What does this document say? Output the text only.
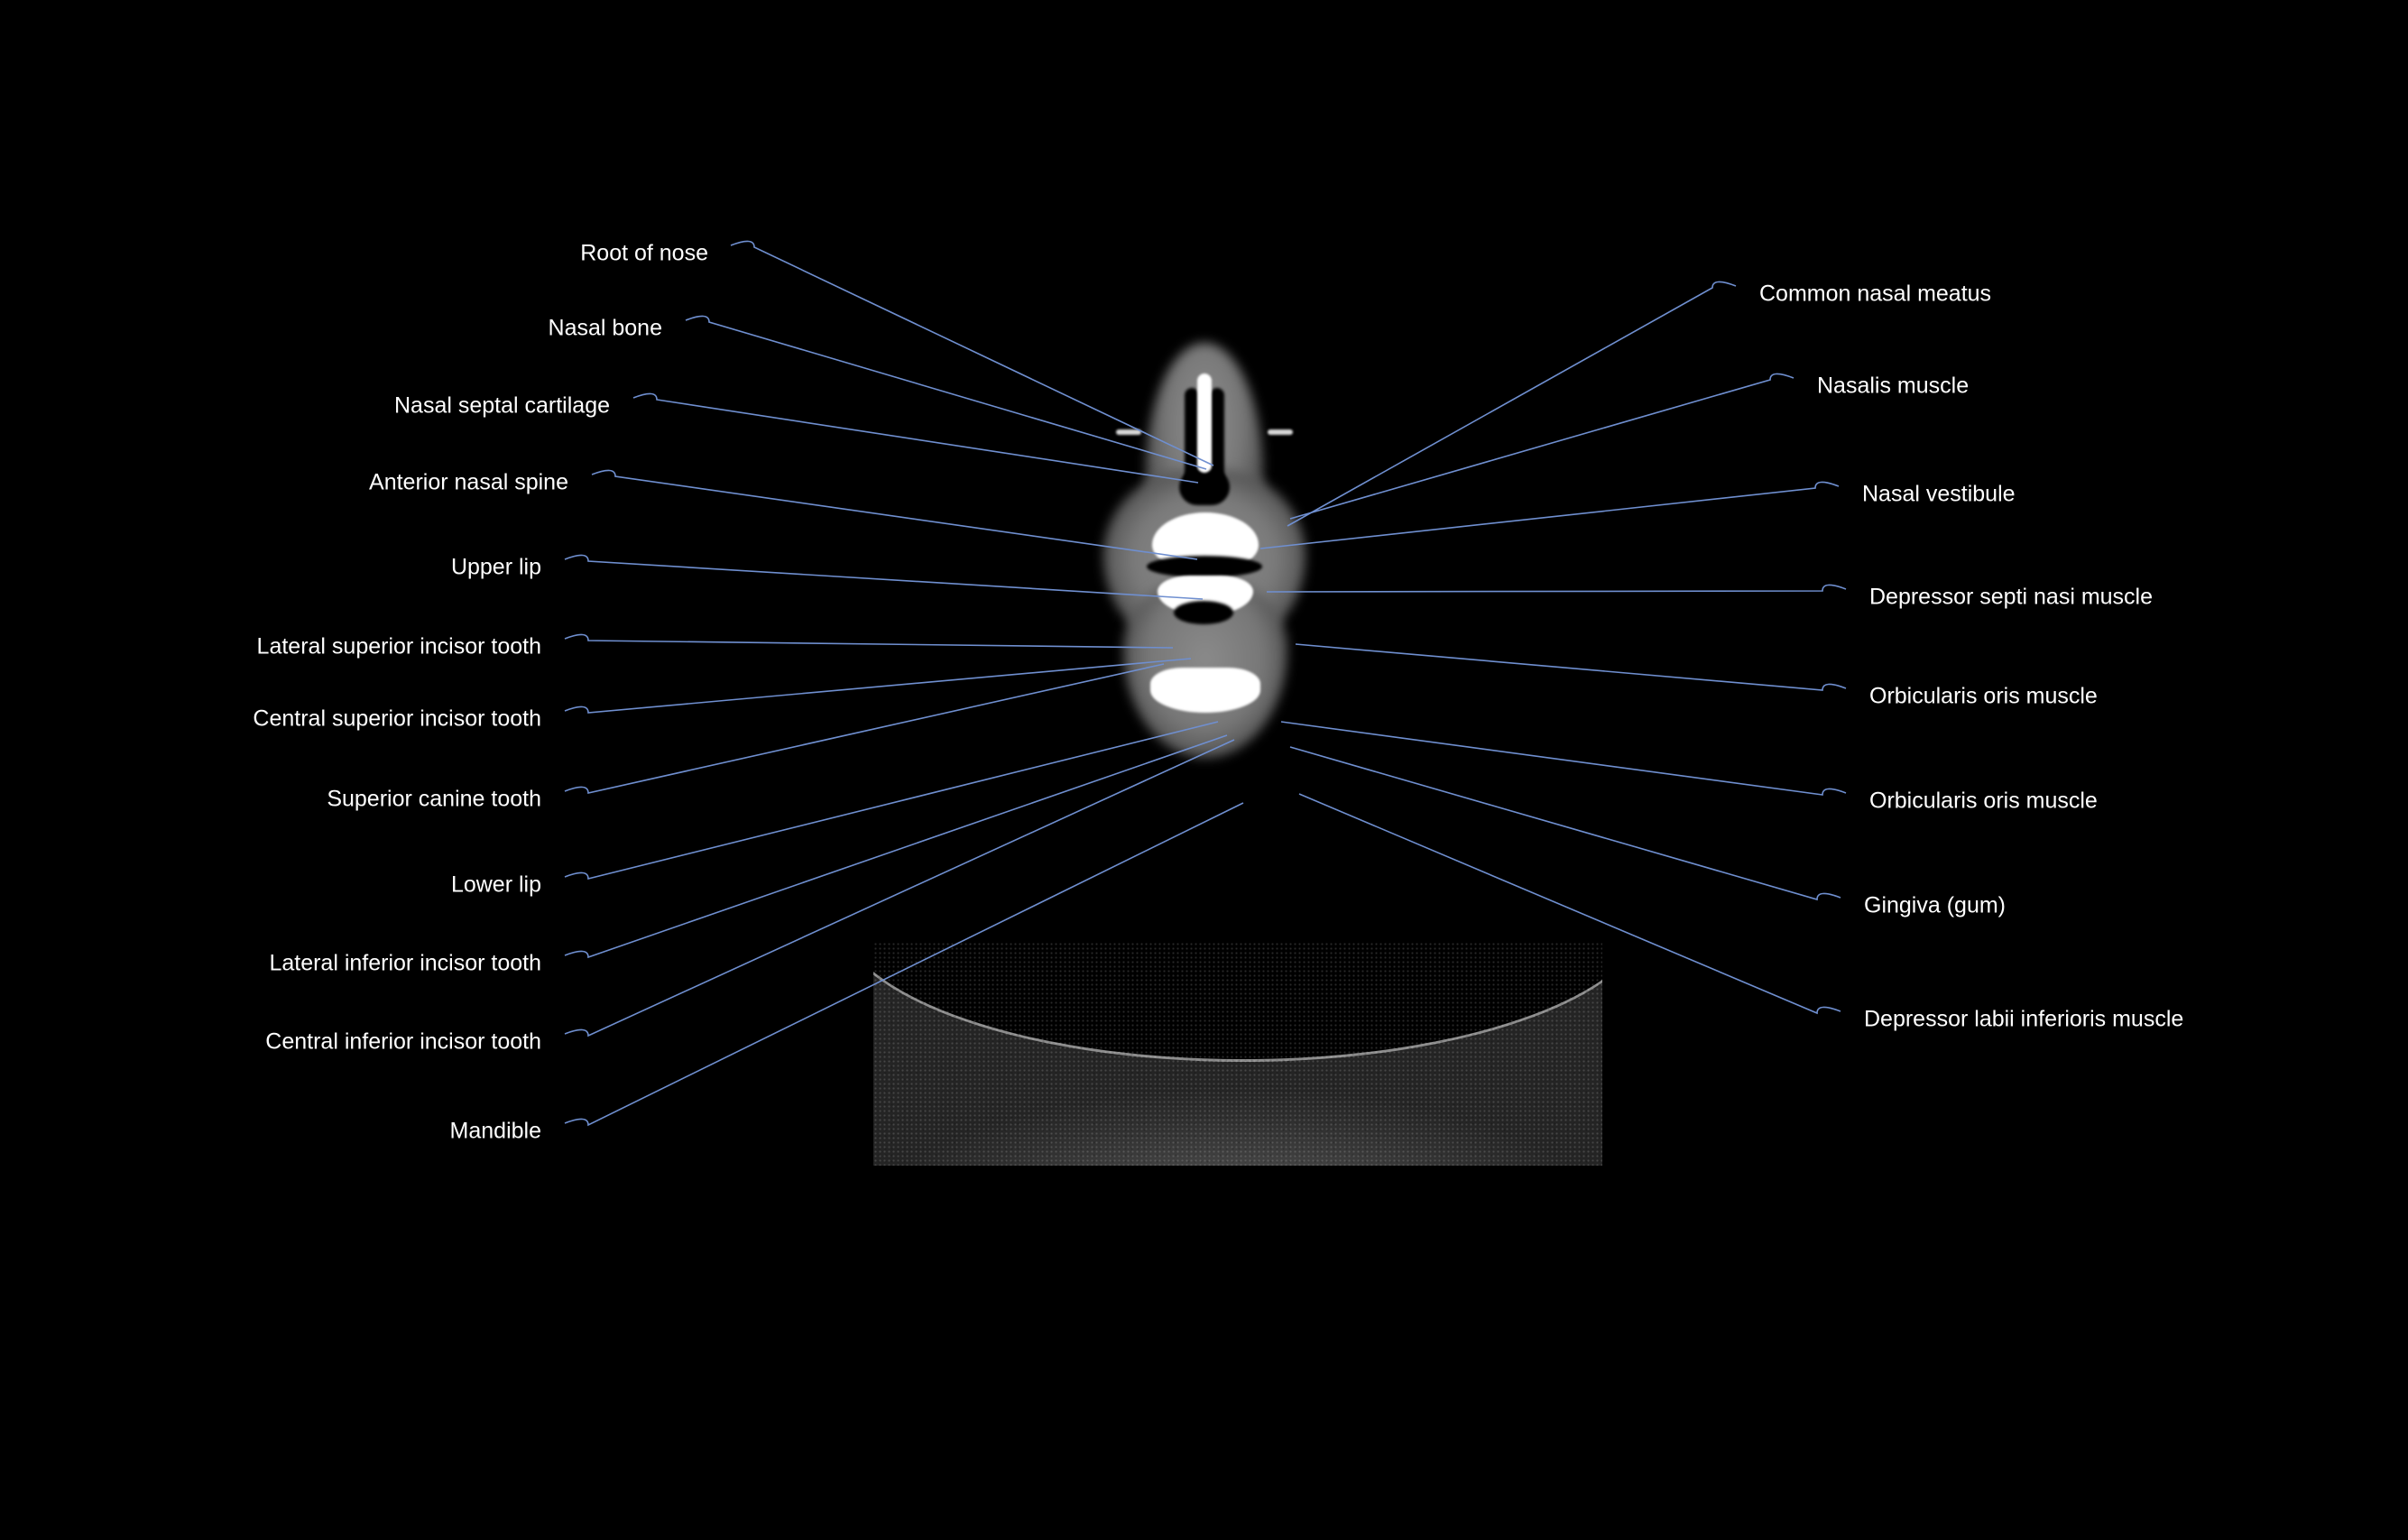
Root of nose
Nasal bone
Nasal septal cartilage
Anterior nasal spine
Upper lip
Lateral superior incisor tooth
Central superior incisor tooth
Superior canine tooth
Lower lip
Lateral inferior incisor tooth
Central inferior incisor tooth
Mandible
Common nasal meatus
Nasalis muscle
Nasal vestibule
Depressor septi nasi muscle
Orbicularis oris muscle
Orbicularis oris muscle
Gingiva (gum)
Depressor labii inferioris muscle
